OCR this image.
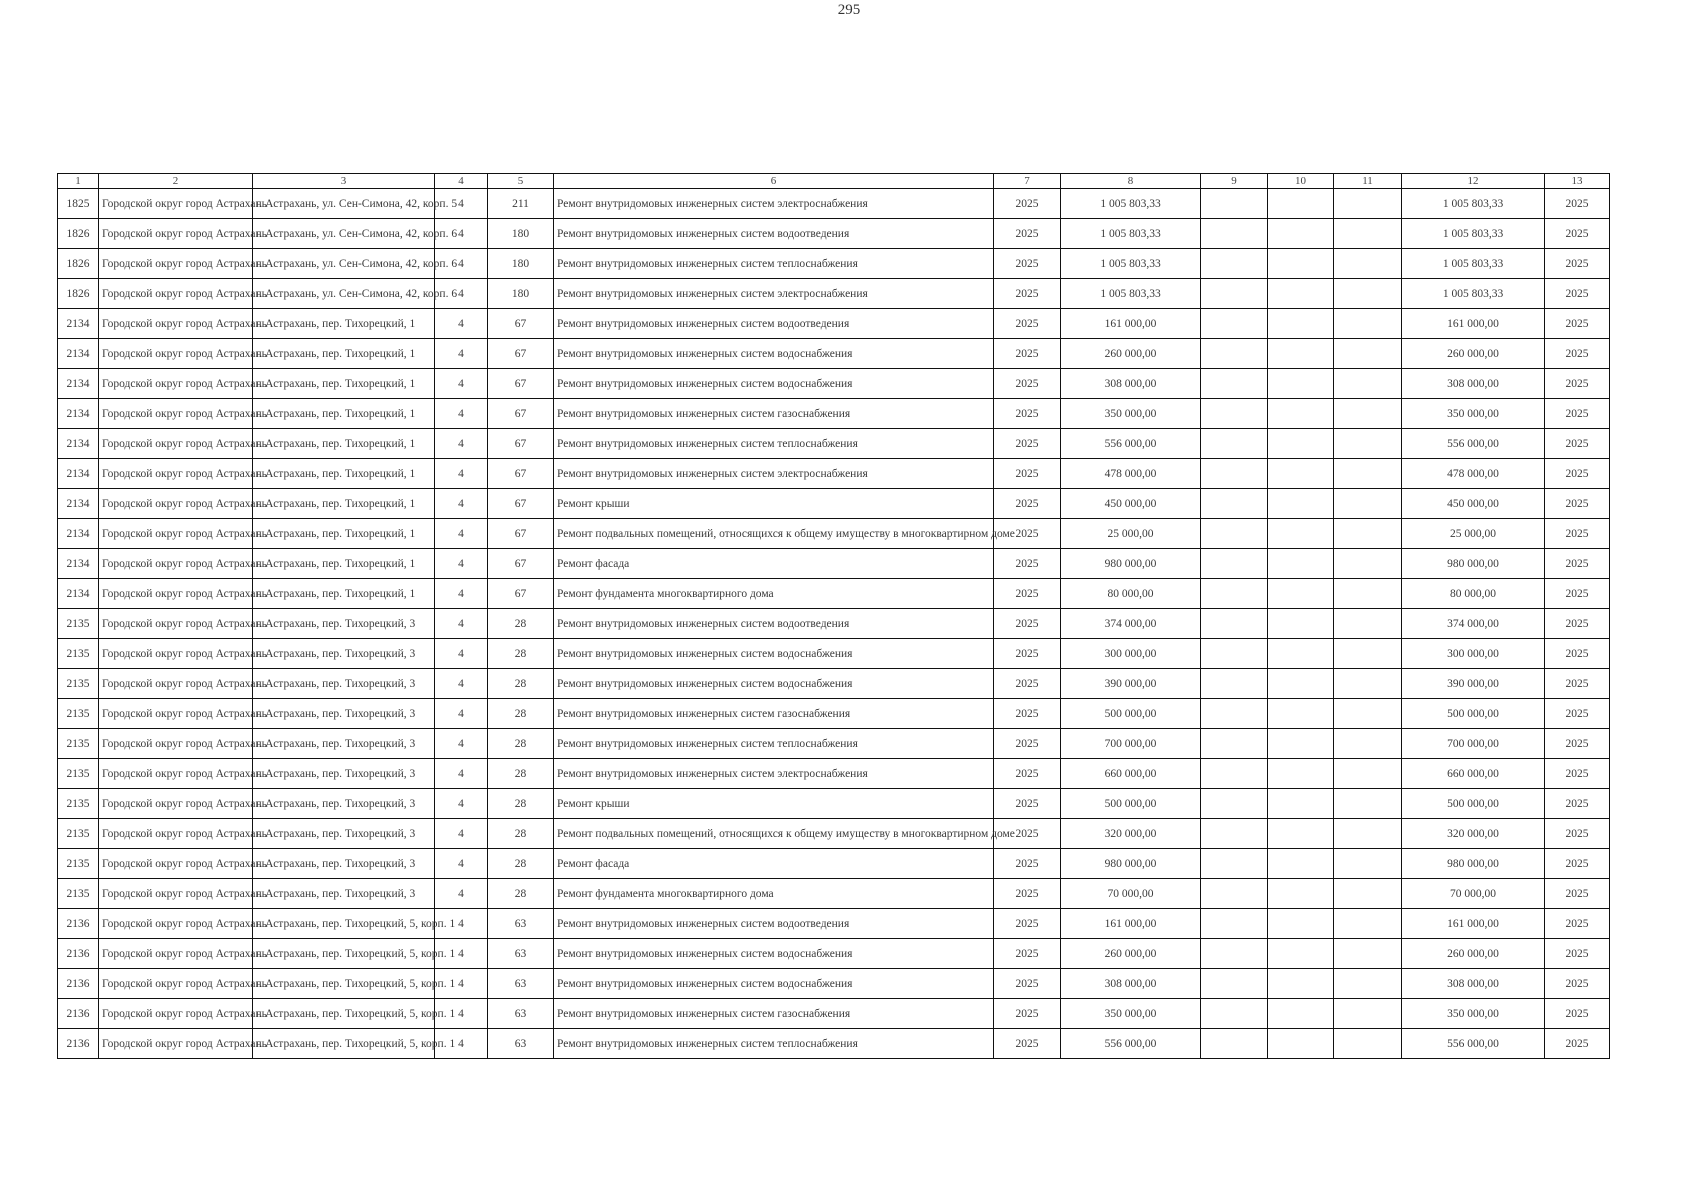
295
1	2	3	4	5	6	7	8	9	10	11	12	13
1825	Городской округ город Астрахань	г. Астрахань, ул. Сен-Симона, 42, корп. 5	4	211	Ремонт внутридомовых инженерных систем электроснабжения	2025	1 005 803,33				1 005 803,33	2025
1826	Городской округ город Астрахань	г. Астрахань, ул. Сен-Симона, 42, корп. 6	4	180	Ремонт внутридомовых инженерных систем водоотведения	2025	1 005 803,33				1 005 803,33	2025
1826	Городской округ город Астрахань	г. Астрахань, ул. Сен-Симона, 42, корп. 6	4	180	Ремонт внутридомовых инженерных систем теплоснабжения	2025	1 005 803,33				1 005 803,33	2025
1826	Городской округ город Астрахань	г. Астрахань, ул. Сен-Симона, 42, корп. 6	4	180	Ремонт внутридомовых инженерных систем электроснабжения	2025	1 005 803,33				1 005 803,33	2025
2134	Городской округ город Астрахань	г. Астрахань, пер. Тихорецкий, 1	4	67	Ремонт внутридомовых инженерных систем водоотведения	2025	161 000,00				161 000,00	2025
2134	Городской округ город Астрахань	г. Астрахань, пер. Тихорецкий, 1	4	67	Ремонт внутридомовых инженерных систем водоснабжения	2025	260 000,00				260 000,00	2025
2134	Городской округ город Астрахань	г. Астрахань, пер. Тихорецкий, 1	4	67	Ремонт внутридомовых инженерных систем водоснабжения	2025	308 000,00				308 000,00	2025
2134	Городской округ город Астрахань	г. Астрахань, пер. Тихорецкий, 1	4	67	Ремонт внутридомовых инженерных систем газоснабжения	2025	350 000,00				350 000,00	2025
2134	Городской округ город Астрахань	г. Астрахань, пер. Тихорецкий, 1	4	67	Ремонт внутридомовых инженерных систем теплоснабжения	2025	556 000,00				556 000,00	2025
2134	Городской округ город Астрахань	г. Астрахань, пер. Тихорецкий, 1	4	67	Ремонт внутридомовых инженерных систем электроснабжения	2025	478 000,00				478 000,00	2025
2134	Городской округ город Астрахань	г. Астрахань, пер. Тихорецкий, 1	4	67	Ремонт крыши	2025	450 000,00				450 000,00	2025
2134	Городской округ город Астрахань	г. Астрахань, пер. Тихорецкий, 1	4	67	Ремонт подвальных помещений, относящихся к общему имуществу в многоквартирном доме	2025	25 000,00				25 000,00	2025
2134	Городской округ город Астрахань	г. Астрахань, пер. Тихорецкий, 1	4	67	Ремонт фасада	2025	980 000,00				980 000,00	2025
2134	Городской округ город Астрахань	г. Астрахань, пер. Тихорецкий, 1	4	67	Ремонт фундамента многоквартирного дома	2025	80 000,00				80 000,00	2025
2135	Городской округ город Астрахань	г. Астрахань, пер. Тихорецкий, 3	4	28	Ремонт внутридомовых инженерных систем водоотведения	2025	374 000,00				374 000,00	2025
2135	Городской округ город Астрахань	г. Астрахань, пер. Тихорецкий, 3	4	28	Ремонт внутридомовых инженерных систем водоснабжения	2025	300 000,00				300 000,00	2025
2135	Городской округ город Астрахань	г. Астрахань, пер. Тихорецкий, 3	4	28	Ремонт внутридомовых инженерных систем водоснабжения	2025	390 000,00				390 000,00	2025
2135	Городской округ город Астрахань	г. Астрахань, пер. Тихорецкий, 3	4	28	Ремонт внутридомовых инженерных систем газоснабжения	2025	500 000,00				500 000,00	2025
2135	Городской округ город Астрахань	г. Астрахань, пер. Тихорецкий, 3	4	28	Ремонт внутридомовых инженерных систем теплоснабжения	2025	700 000,00				700 000,00	2025
2135	Городской округ город Астрахань	г. Астрахань, пер. Тихорецкий, 3	4	28	Ремонт внутридомовых инженерных систем электроснабжения	2025	660 000,00				660 000,00	2025
2135	Городской округ город Астрахань	г. Астрахань, пер. Тихорецкий, 3	4	28	Ремонт крыши	2025	500 000,00				500 000,00	2025
2135	Городской округ город Астрахань	г. Астрахань, пер. Тихорецкий, 3	4	28	Ремонт подвальных помещений, относящихся к общему имуществу в многоквартирном доме	2025	320 000,00				320 000,00	2025
2135	Городской округ город Астрахань	г. Астрахань, пер. Тихорецкий, 3	4	28	Ремонт фасада	2025	980 000,00				980 000,00	2025
2135	Городской округ город Астрахань	г. Астрахань, пер. Тихорецкий, 3	4	28	Ремонт фундамента многоквартирного дома	2025	70 000,00				70 000,00	2025
2136	Городской округ город Астрахань	г. Астрахань, пер. Тихорецкий, 5, корп. 1	4	63	Ремонт внутридомовых инженерных систем водоотведения	2025	161 000,00				161 000,00	2025
2136	Городской округ город Астрахань	г. Астрахань, пер. Тихорецкий, 5, корп. 1	4	63	Ремонт внутридомовых инженерных систем водоснабжения	2025	260 000,00				260 000,00	2025
2136	Городской округ город Астрахань	г. Астрахань, пер. Тихорецкий, 5, корп. 1	4	63	Ремонт внутридомовых инженерных систем водоснабжения	2025	308 000,00				308 000,00	2025
2136	Городской округ город Астрахань	г. Астрахань, пер. Тихорецкий, 5, корп. 1	4	63	Ремонт внутридомовых инженерных систем газоснабжения	2025	350 000,00				350 000,00	2025
2136	Городской округ город Астрахань	г. Астрахань, пер. Тихорецкий, 5, корп. 1	4	63	Ремонт внутридомовых инженерных систем теплоснабжения	2025	556 000,00				556 000,00	2025
